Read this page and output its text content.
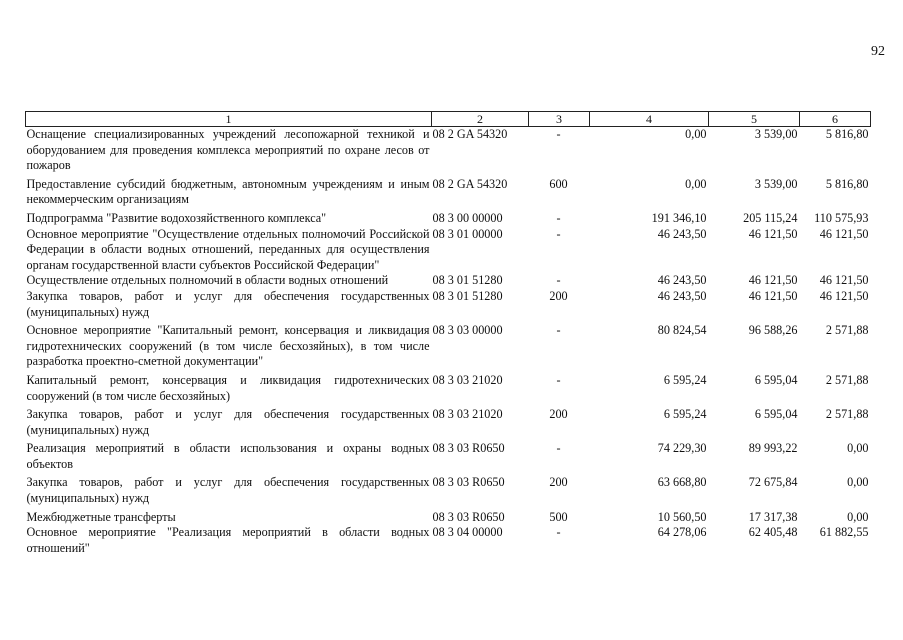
92
1	2	3	4	5	6
Оснащение специализированных учреждений лесопожарной техникой и оборудованием для проведения комплекса мероприятий по охране лесов от пожаров	08 2 GA 54320	-	0,00	3 539,00	5 816,80
Предоставление субсидий бюджетным, автономным учреждениям и иным некоммерческим организациям	08 2 GA 54320	600	0,00	3 539,00	5 816,80
Подпрограмма "Развитие водохозяйственного комплекса"	08 3 00 00000	-	191 346,10	205 115,24	110 575,93
Основное мероприятие "Осуществление отдельных полномочий Российской Федерации в области водных отношений, переданных для осуществления органам государственной власти субъектов Российской Федерации"	08 3 01 00000	-	46 243,50	46 121,50	46 121,50
Осуществление отдельных полномочий в области водных отношений	08 3 01 51280	-	46 243,50	46 121,50	46 121,50
Закупка товаров, работ и услуг для обеспечения государственных (муниципальных) нужд	08 3 01 51280	200	46 243,50	46 121,50	46 121,50
Основное мероприятие "Капитальный ремонт, консервация и ликвидация гидротехнических сооружений (в том числе бесхозяйных), в том числе разработка проектно-сметной документации"	08 3 03 00000	-	80 824,54	96 588,26	2 571,88
Капитальный ремонт, консервация и ликвидация гидротехнических сооружений (в том числе бесхозяйных)	08 3 03 21020	-	6 595,24	6 595,04	2 571,88
Закупка товаров, работ и услуг для обеспечения государственных (муниципальных) нужд	08 3 03 21020	200	6 595,24	6 595,04	2 571,88
Реализация мероприятий в области использования и охраны водных объектов	08 3 03 R0650	-	74 229,30	89 993,22	0,00
Закупка товаров, работ и услуг для обеспечения государственных (муниципальных) нужд	08 3 03 R0650	200	63 668,80	72 675,84	0,00
Межбюджетные трансферты	08 3 03 R0650	500	10 560,50	17 317,38	0,00
Основное мероприятие "Реализация мероприятий в области водных отношений"	08 3 04 00000	-	64 278,06	62 405,48	61 882,55
